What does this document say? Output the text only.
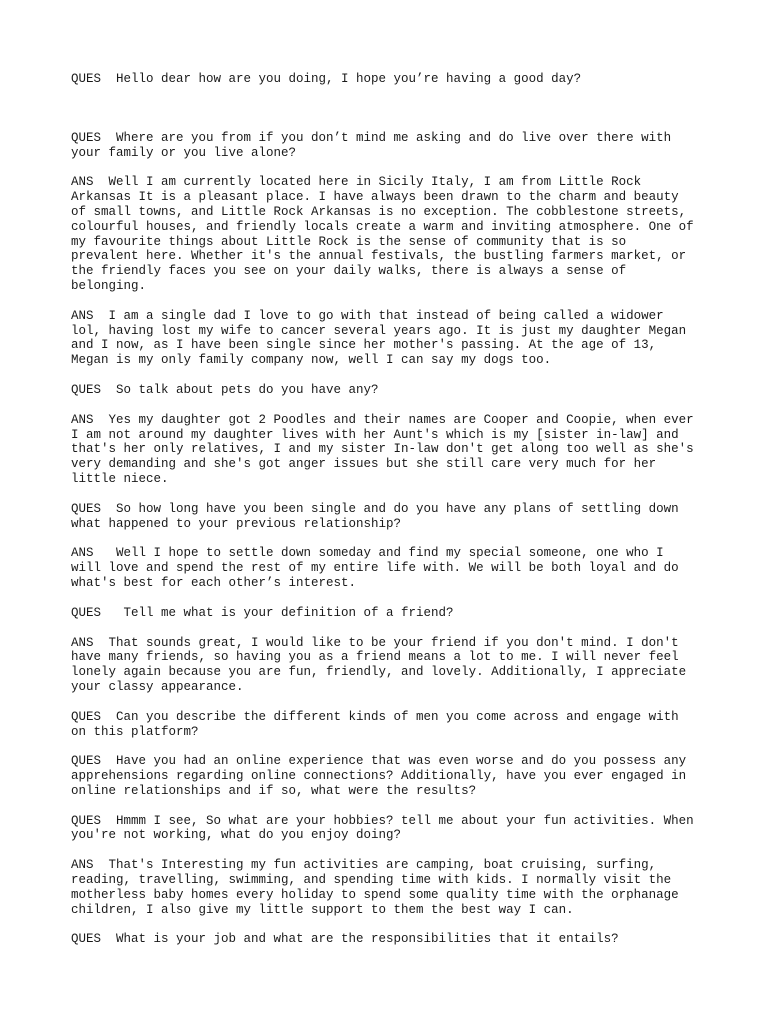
QUES  Hello dear how are you doing, I hope you’re having a good day?

QUES  Where are you from if you don’t mind me asking and do live over there with
your family or you live alone?

ANS  Well I am currently located here in Sicily Italy, I am from Little Rock
Arkansas It is a pleasant place. I have always been drawn to the charm and beauty
of small towns, and Little Rock Arkansas is no exception. The cobblestone streets,
colourful houses, and friendly locals create a warm and inviting atmosphere. One of
my favourite things about Little Rock is the sense of community that is so
prevalent here. Whether it's the annual festivals, the bustling farmers market, or
the friendly faces you see on your daily walks, there is always a sense of
belonging.

ANS  I am a single dad I love to go with that instead of being called a widower
lol, having lost my wife to cancer several years ago. It is just my daughter Megan
and I now, as I have been single since her mother's passing. At the age of 13,
Megan is my only family company now, well I can say my dogs too.

QUES  So talk about pets do you have any?

ANS  Yes my daughter got 2 Poodles and their names are Cooper and Coopie, when ever
I am not around my daughter lives with her Aunt's which is my [sister in-law] and
that's her only relatives, I and my sister In-law don't get along too well as she's
very demanding and she's got anger issues but she still care very much for her
little niece.

QUES  So how long have you been single and do you have any plans of settling down
what happened to your previous relationship?

ANS   Well I hope to settle down someday and find my special someone, one who I
will love and spend the rest of my entire life with. We will be both loyal and do
what's best for each other’s interest.

QUES   Tell me what is your definition of a friend?

ANS  That sounds great, I would like to be your friend if you don't mind. I don't
have many friends, so having you as a friend means a lot to me. I will never feel
lonely again because you are fun, friendly, and lovely. Additionally, I appreciate
your classy appearance.

QUES  Can you describe the different kinds of men you come across and engage with
on this platform?

QUES  Have you had an online experience that was even worse and do you possess any
apprehensions regarding online connections? Additionally, have you ever engaged in
online relationships and if so, what were the results?

QUES  Hmmm I see, So what are your hobbies? tell me about your fun activities. When
you're not working, what do you enjoy doing?

ANS  That's Interesting my fun activities are camping, boat cruising, surfing,
reading, travelling, swimming, and spending time with kids. I normally visit the
motherless baby homes every holiday to spend some quality time with the orphanage
children, I also give my little support to them the best way I can.

QUES  What is your job and what are the responsibilities that it entails?
